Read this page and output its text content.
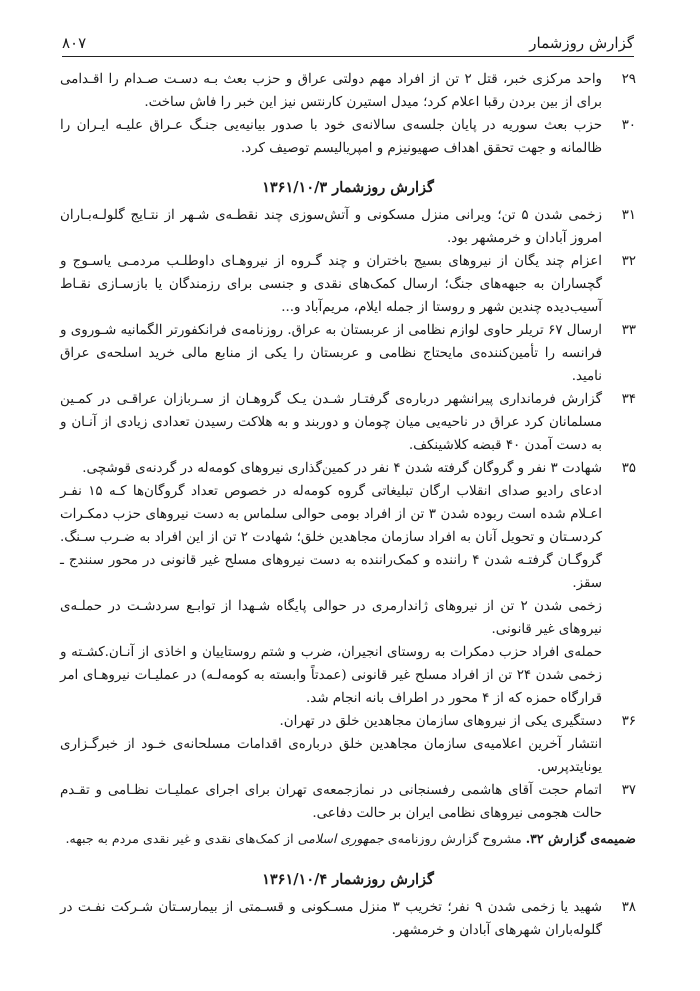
گزارش روزشمار
۸۰۷
۲۹

واحد مرکزی خبر، قتل ۲ تن از افراد مهم دولتی عراق و حزب بعث بـه دسـت صـدام را اقـدامی برای از بین بردن رقبا اعلام کرد؛ میدل استیرن کارنتس نیز این خبر را فاش ساخت.

۳۰

حزب بعث سوریه در پایان جلسه‌ی سالانه‌ی خود با صدور بیانیه‌یی جنـگ عـراق علیـه ایـران را ظالمانه و جهت تحقق اهداف صهیونیزم و امپریالیسم توصیف کرد.

گزارش روزشمار ۱۳۶۱/۱۰/۳
۳۱

زخمی شدن ۵ تن؛ ویرانی منزل مسکونی و آتش‌سوزی چند نقطـه‌ی شـهر از نتـایج گلولـه‌بـاران امروز آبادان و خرمشهر بود.

۳۲

اعزام چند یگان از نیروهای بسیج باختران و چند گـروه از نیروهـای داوطلـب مردمـی یاسـوج و گچساران به جبهه‌های جنگ؛ ارسال کمک‌های نقدی و جنسی برای رزمندگان یا بازسـازی نقـاط آسیب‌دیده چندین شهر و روستا از جمله ایلام، مریم‌آباد و...

۳۳

ارسال ۶۷ تریلر حاوی لوازم نظامی از عربستان به عراق. روزنامه‌ی فرانکفورتر الگمانیه شـوروی و فرانسه را تأمین‌کننده‌ی مایحتاج نظامی و عربستان را یکی از منابع مالی خرید اسلحه‌ی عراق نامید.

۳۴

گزارش فرمانداری پیرانشهر درباره‌ی گرفتـار شـدن یـک گروهـان از سـربازان عراقـی در کمـین مسلمانان کرد عراق در ناحیه‌یی میان چومان و دوربند و به هلاکت رسیدن تعدادی زیادی از آنـان و به دست آمدن ۴۰ قبضه کلاشینکف.

۳۵

شهادت ۳ نفر و گروگان گرفته شدن ۴ نفر در کمین‌گذاری نیروهای کومه‌له در گردنه‌ی قوشچی.

ادعای رادیو صدای انقلاب ارگان تبلیغاتی گروه کومه‌له در خصوص تعداد گروگان‌ها کـه ۱۵ نفـر اعـلام شده است ربوده شدن ۳ تن از افراد بومی حوالی سلماس به دست نیروهای حزب دمکـرات کردسـتان و تحویل آنان به افراد سازمان مجاهدین خلق؛ شهادت ۲ تن از این افراد به ضـرب سـنگ. گروگـان گرفتـه شدن ۴ راننده و کمک‌راننده به دست نیروهای مسلح غیر قانونی در محور سنندج ـ سقز.

زخمی شدن ۲ تن از نیروهای ژاندارمری در حوالی پایگاه شـهدا از توابـع سردشـت در حملـه‌ی نیروهای غیر قانونی.

حمله‌ی افراد حزب دمکرات به روستای انجیران، ضرب و شتم روستاییان و اخاذی از آنـان.کشـته و زخمی شدن ۲۴ تن از افراد مسلح غیر قانونی (عمدتاً وابسته به کومه‌لـه) در عملیـات نیروهـای امر قرارگاه حمزه که از ۴ محور در اطراف بانه انجام شد.

۳۶

دستگیری یکی از نیروهای سازمان مجاهدین خلق در تهران.

انتشار آخرین اعلامیه‌ی سازمان مجاهدین خلق درباره‌ی اقدامات مسلحانه‌ی خـود از خبرگـزاری یونایتدپرس.

۳۷

اتمام حجت آقای هاشمی رفسنجانی در نمازجمعه‌ی تهران برای اجرای عملیـات نظـامی و تقـدم حالت هجومی نیروهای نظامی ایران بر حالت دفاعی.

ضمیمه‌ی گزارش ۳۲. مشروح گزارش روزنامه‌ی جمهوری اسلامی از کمک‌های نقدی و غیر نقدی مردم به جبهه.
گزارش روزشمار ۱۳۶۱/۱۰/۴
۳۸

شهید یا زخمی شدن ۹ نفر؛ تخریب ۳ منزل مسـکونی و قسـمتی از بیمارسـتان شـرکت نفـت در گلوله‌باران شهرهای آبادان و خرمشهر.
